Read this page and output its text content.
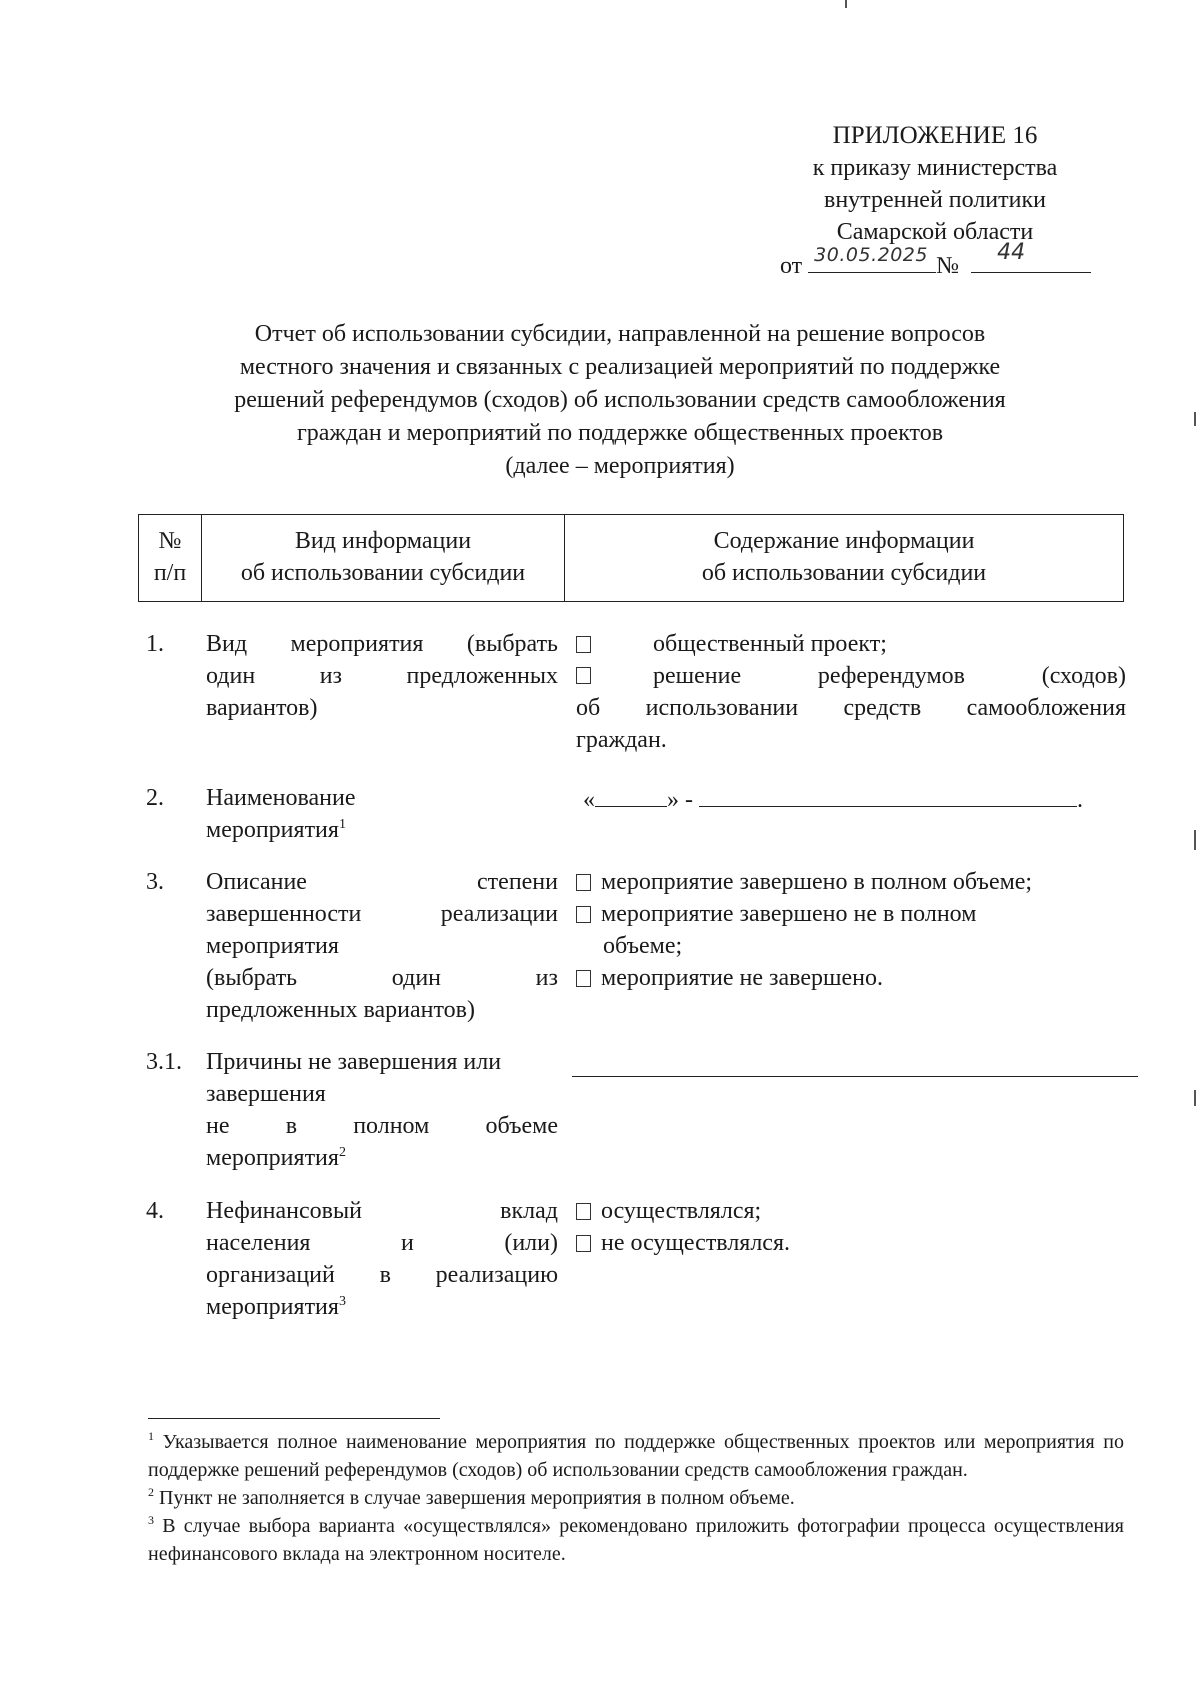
ПРИЛОЖЕНИЕ 16
к приказу министерства
внутренней политики
Самарской области
от 30.05.2025 №
44
Отчет об использовании субсидии, направленной на решение вопросов
местного значения и связанных с реализацией мероприятий по поддержке
решений референдумов (сходов) об использовании средств самообложения
граждан и мероприятий по поддержке общественных проектов
(далее – мероприятия)
№
п/п
Вид информации
об использовании субсидии
Содержание информации
об использовании субсидии
1. Вид мероприятия (выбрать
один из предложенных
вариантов)
общественный проект;
решение референдумов (сходов)
об использовании средств самообложения
граждан.
2. Наименование
мероприятия$^1$
«	» -	.
3. Описание степени
завершенности реализации
мероприятия

(выбрать один из
предложенных вариантов)
мероприятие завершено в полном объеме;
мероприятие завершено не в полном
объеме;
мероприятие не завершено.
3.1. Причины не завершения или
завершения

не в полном объеме
мероприятия$^2$
4. Нефинансовый вклад
населения и (или)
организаций в реализацию
мероприятия$^3$
осуществлялся;
не осуществлялся.

$^1$ Указывается полное наименование мероприятия по поддержке общественных проектов или мероприятия по поддержке решений референдумов (сходов) об использовании средств самообложения граждан.

$^2$ Пункт не заполняется в случае завершения мероприятия в полном объеме.

$^3$ В случае выбора варианта «осуществлялся» рекомендовано приложить фотографии процесса осуществления нефинансового вклада на электронном носителе.
